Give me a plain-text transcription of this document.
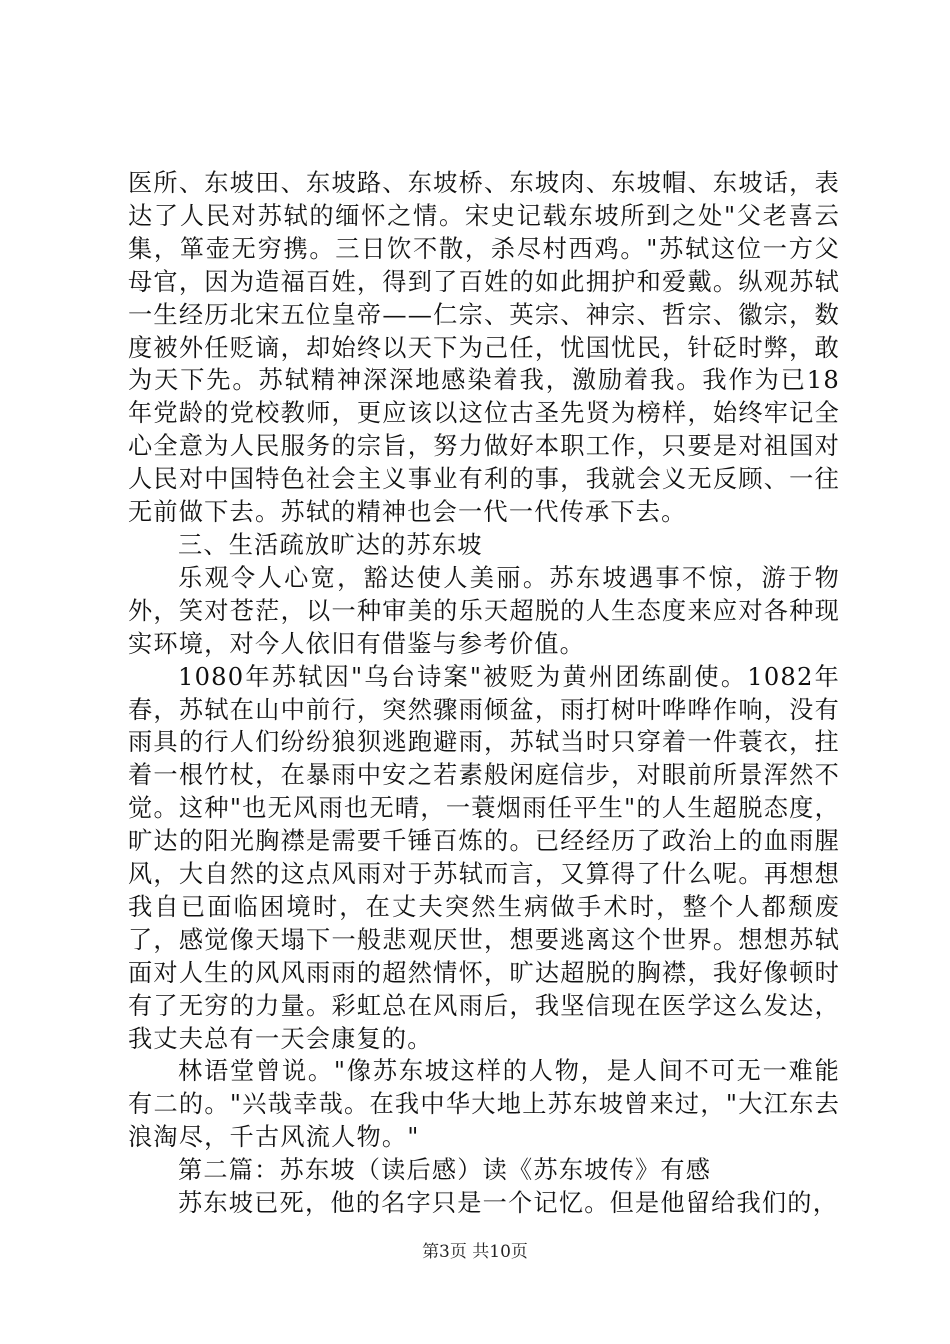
医所、东坡田、东坡路、东坡桥、东坡肉、东坡帽、东坡话，表达了人民对苏轼的缅怀之情。宋史记载东坡所到之处"父老喜云集，箪壶无穷携。三日饮不散，杀尽村西鸡。"苏轼这位一方父母官，因为造福百姓，得到了百姓的如此拥护和爱戴。纵观苏轼一生经历北宋五位皇帝——仁宗、英宗、神宗、哲宗、徽宗，数度被外任贬谪，却始终以天下为己任，忧国忧民，针砭时弊，敢为天下先。苏轼精神深深地感染着我，激励着我。我作为已18年党龄的党校教师，更应该以这位古圣先贤为榜样，始终牢记全心全意为人民服务的宗旨，努力做好本职工作，只要是对祖国对人民对中国特色社会主义事业有利的事，我就会义无反顾、一往无前做下去。苏轼的精神也会一代一代传承下去。

三、生活疏放旷达的苏东坡

乐观令人心宽，豁达使人美丽。苏东坡遇事不惊，游于物外，笑对苍茫，以一种审美的乐天超脱的人生态度来应对各种现实环境，对今人依旧有借鉴与参考价值。

1080年苏轼因"乌台诗案"被贬为黄州团练副使。1082年春，苏轼在山中前行，突然骤雨倾盆，雨打树叶哗哗作响，没有雨具的行人们纷纷狼狈逃跑避雨，苏轼当时只穿着一件蓑衣，拄着一根竹杖，在暴雨中安之若素般闲庭信步，对眼前所景浑然不觉。这种"也无风雨也无晴，一蓑烟雨任平生"的人生超脱态度，旷达的阳光胸襟是需要千锤百炼的。已经经历了政治上的血雨腥风，大自然的这点风雨对于苏轼而言，又算得了什么呢。再想想我自已面临困境时，在丈夫突然生病做手术时，整个人都颓废了，感觉像天塌下一般悲观厌世，想要逃离这个世界。想想苏轼面对人生的风风雨雨的超然情怀，旷达超脱的胸襟，我好像顿时有了无穷的力量。彩虹总在风雨后，我坚信现在医学这么发达，我丈夫总有一天会康复的。

林语堂曾说。"像苏东坡这样的人物，是人间不可无一难能有二的。"兴哉幸哉。在我中华大地上苏东坡曾来过，"大江东去浪淘尽，千古风流人物。"

第二篇：苏东坡（读后感）读《苏东坡传》有感

苏东坡已死，他的名字只是一个记忆。但是他留给我们的，

第3页 共10页
